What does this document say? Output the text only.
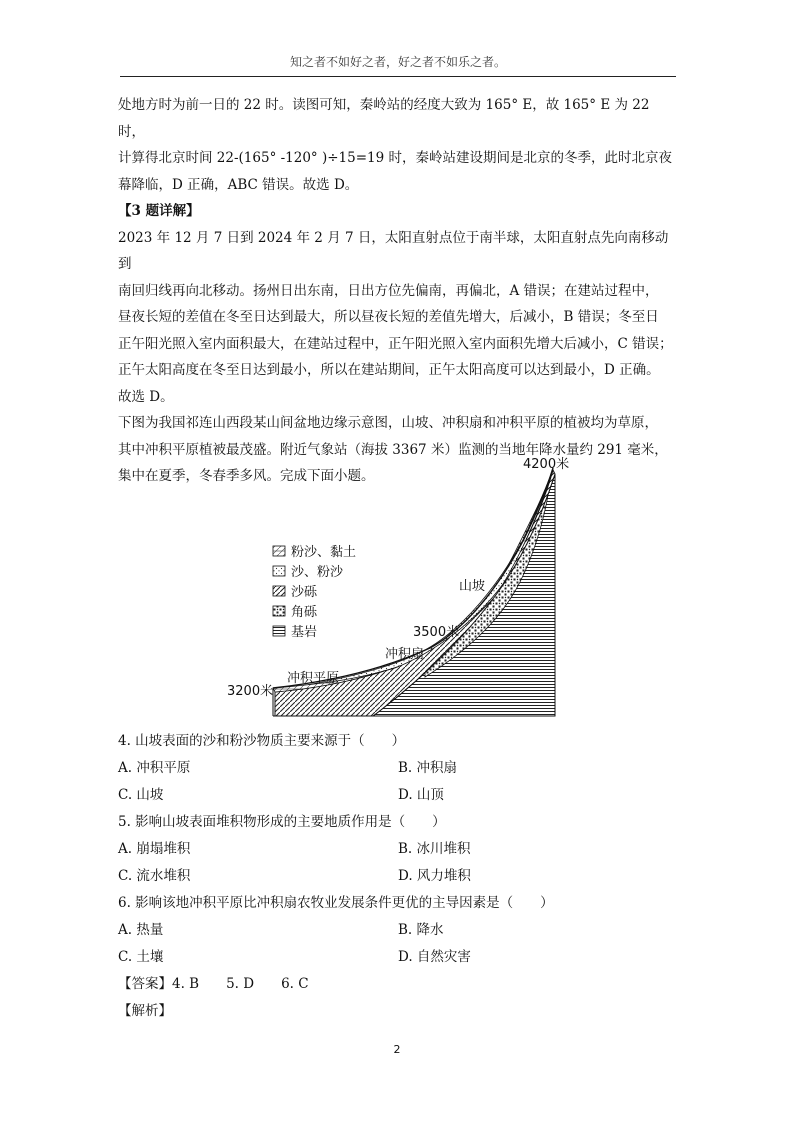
知之者不如好之者，好之者不如乐之者。

处地方时为前一日的 22 时。读图可知，秦岭站的经度大致为 165° E，故 165° E 为 22 时，

计算得北京时间 22-(165° -120° )÷15=19 时，秦岭站建设期间是北京的冬季，此时北京夜

幕降临，D 正确，ABC 错误。故选 D。

【3 题详解】

2023 年 12 月 7 日到 2024 年 2 月 7 日，太阳直射点位于南半球，太阳直射点先向南移动到

南回归线再向北移动。扬州日出东南，日出方位先偏南，再偏北，A 错误；在建站过程中，

昼夜长短的差值在冬至日达到最大，所以昼夜长短的差值先增大，后减小，B 错误；冬至日

正午阳光照入室内面积最大，在建站过程中，正午阳光照入室内面积先增大后减小，C 错误；

正午太阳高度在冬至日达到最小，所以在建站期间，正午太阳高度可以达到最小，D 正确。

故选 D。

下图为我国祁连山西段某山间盆地边缘示意图，山坡、冲积扇和冲积平原的植被均为草原，

其中冲积平原植被最茂盛。附近气象站（海拔 3367 米）监测的当地年降水量约 291 毫米，

集中在夏季，冬春季多风。完成下面小题。

粉沙、黏土
沙、粉沙
沙砾
角砾
基岩
4200米
山坡
3500米
冲积扇
冲积平原
3200米

4. 山坡表面的沙和粉沙物质主要来源于（　　）

A. 冲积平原	B. 冲积扇
C. 山坡	D. 山顶

5. 影响山坡表面堆积物形成的主要地质作用是（　　）

A. 崩塌堆积	B. 冰川堆积
C. 流水堆积	D. 风力堆积

6. 影响该地冲积平原比冲积扇农牧业发展条件更优的主导因素是（　　）

A. 热量	B. 降水
C. 土壤	D. 自然灾害

【答案】4. B　　5. D　　6. C

【解析】

2
